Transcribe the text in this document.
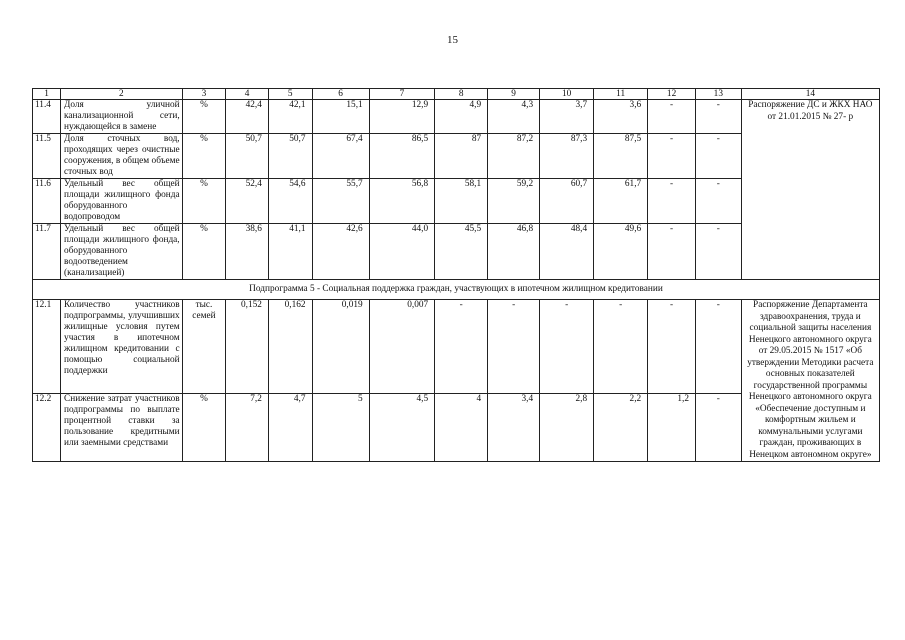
15
1	2	3	4	5	6	7	8	9	10	11	12	13	14
11.4	Доля уличной канализационной сети, нуждающейся в замене	%	42,4	42,1	15,1	12,9	4,9	4,3	3,7	3,6	-	-	Распоряжение ДС и ЖКХ НАО от 21.01.2015 № 27- р
11.5	Доля сточных вод, проходящих через очистные сооружения, в общем объеме сточных вод	%	50,7	50,7	67,4	86,5	87	87,2	87,3	87,5	-	-	
11.6	Удельный вес общей площади жилищного фонда оборудованного водопроводом	%	52,4	54,6	55,7	56,8	58,1	59,2	60,7	61,7	-	-	
11.7	Удельный вес общей площади жилищного фонда, оборудованного водоотведением (канализацией)	%	38,6	41,1	42,6	44,0	45,5	46,8	48,4	49,6	-	-	
Подпрограмма 5 - Социальная поддержка граждан, участвующих в ипотечном жилищном кредитовании													
12.1	Количество участников подпрограммы, улучшивших жилищные условия путем участия в ипотечном жилищном кредитовании с помощью социальной поддержки	тыс. семей	0,152	0,162	0,019	0,007	-	-	-	-	-	-	Распоряжение Департамента здравоохранения, труда и социальной защиты населения Ненецкого автономного округа от 29.05.2015 № 1517 «Об утверждении Методики расчета основных показателей государственной программы Ненецкого автономного округа «Обеспечение доступным и комфортным жильем и коммунальными услугами граждан, проживающих в Ненецком автономном округе»
12.2	Снижение затрат участников подпрограммы по выплате процентной ставки за пользование кредитными или заемными средствами	%	7,2	4,7	5	4,5	4	3,4	2,8	2,2	1,2	-	
